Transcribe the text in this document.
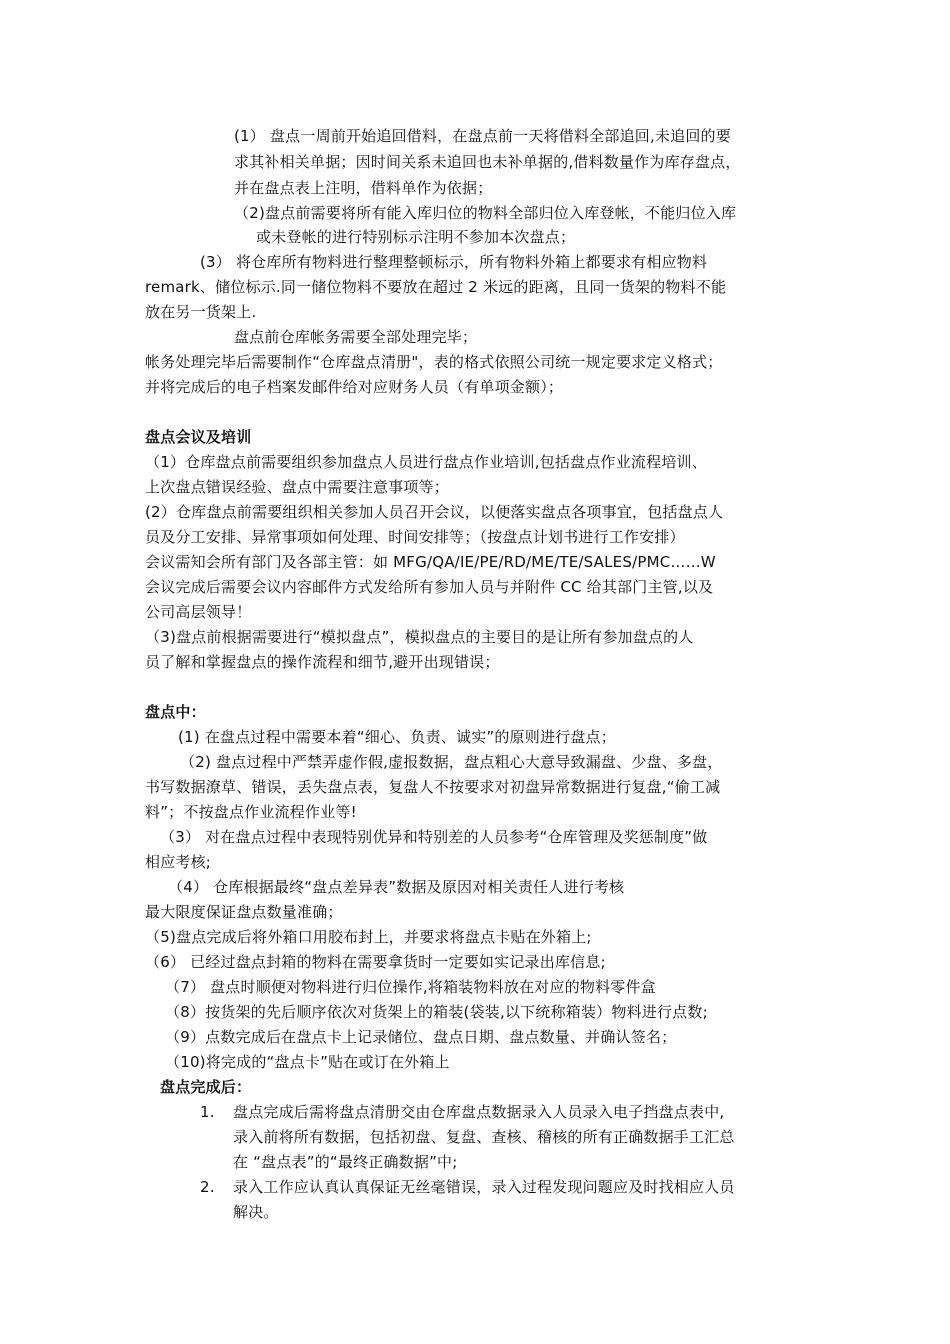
(1） 盘点一周前开始追回借料，在盘点前一天将借料全部追回,未追回的要
求其补相关单据；因时间关系未追回也未补单据的,借料数量作为库存盘点，
并在盘点表上注明，借料单作为依据；
（2)盘点前需要将所有能入库归位的物料全部归位入库登帐，不能归位入库
或未登帐的进行特别标示注明不参加本次盘点；
(3） 将仓库所有物料进行整理整顿标示，所有物料外箱上都要求有相应物料
remark、储位标示.同一储位物料不要放在超过 2 米远的距离，且同一货架的物料不能
放在另一货架上.
盘点前仓库帐务需要全部处理完毕；
帐务处理完毕后需要制作“仓库盘点清册"，表的格式依照公司统一规定要求定义格式；
并将完成后的电子档案发邮件给对应财务人员（有单项金额）；
盘点会议及培训
（1）仓库盘点前需要组织参加盘点人员进行盘点作业培训,包括盘点作业流程培训、
上次盘点错误经验、盘点中需要注意事项等；
(2）仓库盘点前需要组织相关参加人员召开会议，以便落实盘点各项事宜，包括盘点人
员及分工安排、异常事项如何处理、时间安排等；（按盘点计划书进行工作安排）
会议需知会所有部门及各部主管：如 MFG/QA/IE/PE/RD/ME/TE/SALES/PMC……W
会议完成后需要会议内容邮件方式发给所有参加人员与并附件 CC 给其部门主管,以及
公司高层领导！
（3)盘点前根据需要进行“模拟盘点”，模拟盘点的主要目的是让所有参加盘点的人
员了解和掌握盘点的操作流程和细节,避开出现错误；
盘点中：
(1) 在盘点过程中需要本着“细心、负责、诚实”的原则进行盘点；
（2) 盘点过程中严禁弄虚作假,虚报数据，盘点粗心大意导致漏盘、少盘、多盘，
书写数据潦草、错误，丢失盘点表，复盘人不按要求对初盘异常数据进行复盘,“偷工减
料”；不按盘点作业流程作业等!
（3） 对在盘点过程中表现特别优异和特别差的人员参考“仓库管理及奖惩制度”做
相应考核;
（4） 仓库根据最终“盘点差异表”数据及原因对相关责任人进行考核
最大限度保证盘点数量准确；
（5)盘点完成后将外箱口用胶布封上，并要求将盘点卡贴在外箱上;
（6） 已经过盘点封箱的物料在需要拿货时一定要如实记录出库信息;
（7） 盘点时顺便对物料进行归位操作,将箱装物料放在对应的物料零件盒
（8）按货架的先后顺序依次对货架上的箱装(袋装,以下统称箱装）物料进行点数;
（9）点数完成后在盘点卡上记录储位、盘点日期、盘点数量、并确认签名；
（10)将完成的“盘点卡”贴在或订在外箱上
盘点完成后：
1. 盘点完成后需将盘点清册交由仓库盘点数据录入人员录入电子挡盘点表中,
录入前将所有数据，包括初盘、复盘、查核、稽核的所有正确数据手工汇总
在 “盘点表”的“最终正确数据”中;
2. 录入工作应认真认真保证无丝毫错误，录入过程发现问题应及时找相应人员
解决。
